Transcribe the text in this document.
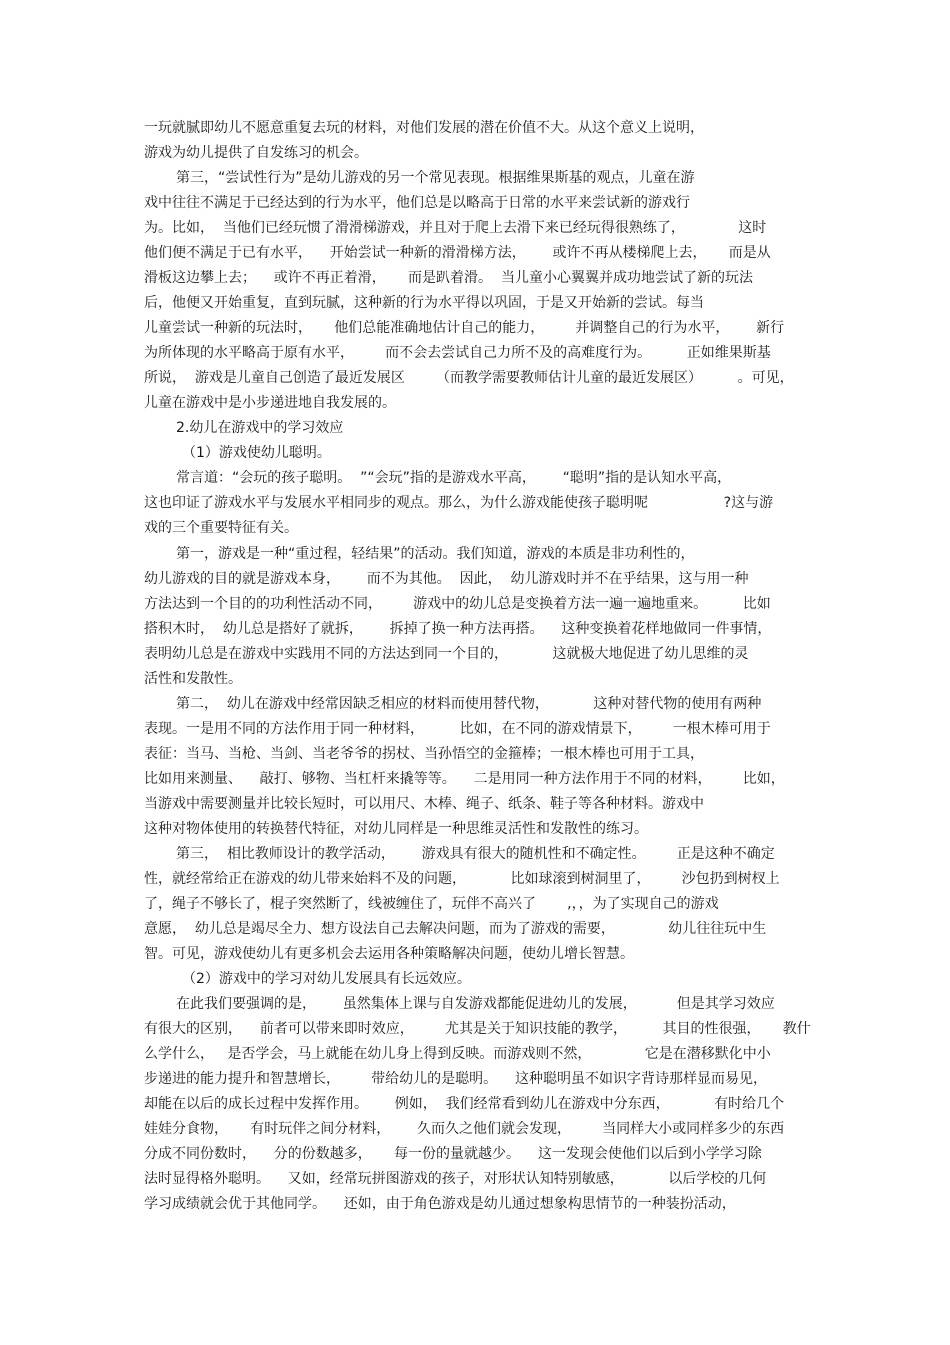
一玩就腻即幼儿不愿意重复去玩的材料，对他们发展的潜在价值不大。从这个意义上说明，
游戏为幼儿提供了自发练习的机会。
第三，“尝试性行为”是幼儿游戏的另一个常见表现。根据维果斯基的观点，儿童在游
戏中往往不满足于已经达到的行为水平，他们总是以略高于日常的水平来尝试新的游戏行
为。比如，  当他们已经玩惯了滑滑梯游戏，并且对于爬上去滑下来已经玩得很熟练了，            这时
他们便不满足于已有水平，    开始尝试一种新的滑滑梯方法，      或许不再从楼梯爬上去，     而是从
滑板这边攀上去；    或许不再正着滑，     而是趴着滑。  当儿童小心翼翼并成功地尝试了新的玩法
后，他便又开始重复，直到玩腻，这种新的行为水平得以巩固，于是又开始新的尝试。每当
儿童尝试一种新的玩法时，     他们总能准确地估计自己的能力，       并调整自己的行为水平，      新行
为所体现的水平略高于原有水平，       而不会去尝试自己力所不及的高难度行为。        正如维果斯基
所说，  游戏是儿童自己创造了最近发展区       （而教学需要教师估计儿童的最近发展区）        。可见，
儿童在游戏中是小步递进地自我发展的。
2.幼儿在游戏中的学习效应
（1）游戏使幼儿聪明。
常言道：“会玩的孩子聪明。  ”“会玩”指的是游戏水平高，      “聪明”指的是认知水平高，
这也印证了游戏水平与发展水平相同步的观点。那么，为什么游戏能使孩子聪明呢                 ?这与游
戏的三个重要特征有关。
第一，游戏是一种“重过程，轻结果”的活动。我们知道，游戏的本质是非功利性的，
幼儿游戏的目的就是游戏本身，      而不为其他。  因此，  幼儿游戏时并不在乎结果，这与用一种
方法达到一个目的的功利性活动不同，       游戏中的幼儿总是变换着方法一遍一遍地重来。        比如
搭积木时，  幼儿总是搭好了就拆，      拆掉了换一种方法再搭。    这种变换着花样地做同一件事情，
表明幼儿总是在游戏中实践用不同的方法达到同一个目的，          这就极大地促进了幼儿思维的灵
活性和发散性。
第二，  幼儿在游戏中经常因缺乏相应的材料而使用替代物，          这种对替代物的使用有两种
表现。一是用不同的方法作用于同一种材料，        比如，在不同的游戏情景下，       一根木棒可用于
表征：当马、当枪、当剑、当老爷爷的拐杖、当孙悟空的金箍棒；一根木棒也可用于工具，
比如用来测量、    敲打、够物、当杠杆来撬等等。    二是用同一种方法作用于不同的材料，       比如，
当游戏中需要测量并比较长短时，可以用尺、木棒、绳子、纸条、鞋子等各种材料。游戏中
这种对物体使用的转换替代特征，对幼儿同样是一种思维灵活性和发散性的练习。
第三，  相比教师设计的教学活动，      游戏具有很大的随机性和不确定性。       正是这种不确定
性，就经常给正在游戏的幼儿带来始料不及的问题，          比如球滚到树洞里了，       沙包扔到树杈上
了，绳子不够长了，棍子突然断了，线被缠住了，玩伴不高兴了       ,，，为了实现自己的游戏
意愿，  幼儿总是竭尽全力、想方设法自己去解决问题，而为了游戏的需要，            幼儿往往玩中生
智。可见，游戏使幼儿有更多机会去运用各种策略解决问题，使幼儿增长智慧。
（2）游戏中的学习对幼儿发展具有长远效应。
在此我们要强调的是，      虽然集体上课与自发游戏都能促进幼儿的发展，         但是其学习效应
有很大的区别，    前者可以带来即时效应，       尤其是关于知识技能的教学，        其目的性很强，     教什
么学什么，   是否学会，马上就能在幼儿身上得到反映。而游戏则不然，            它是在潜移默化中小
步递进的能力提升和智慧增长，       带给幼儿的是聪明。    这种聪明虽不如识字背诗那样显而易见，
却能在以后的成长过程中发挥作用。      例如，  我们经常看到幼儿在游戏中分东西，          有时给几个
娃娃分食物，     有时玩伴之间分材料，      久而久之他们就会发现，       当同样大小或同样多少的东西
分成不同份数时，    分的份数越多，     每一份的量就越少。    这一发现会使他们以后到小学学习除
法时显得格外聪明。    又如，经常玩拼图游戏的孩子，对形状认知特别敏感，          以后学校的几何
学习成绩就会优于其他同学。    还如，由于角色游戏是幼儿通过想象构思情节的一种装扮活动，
